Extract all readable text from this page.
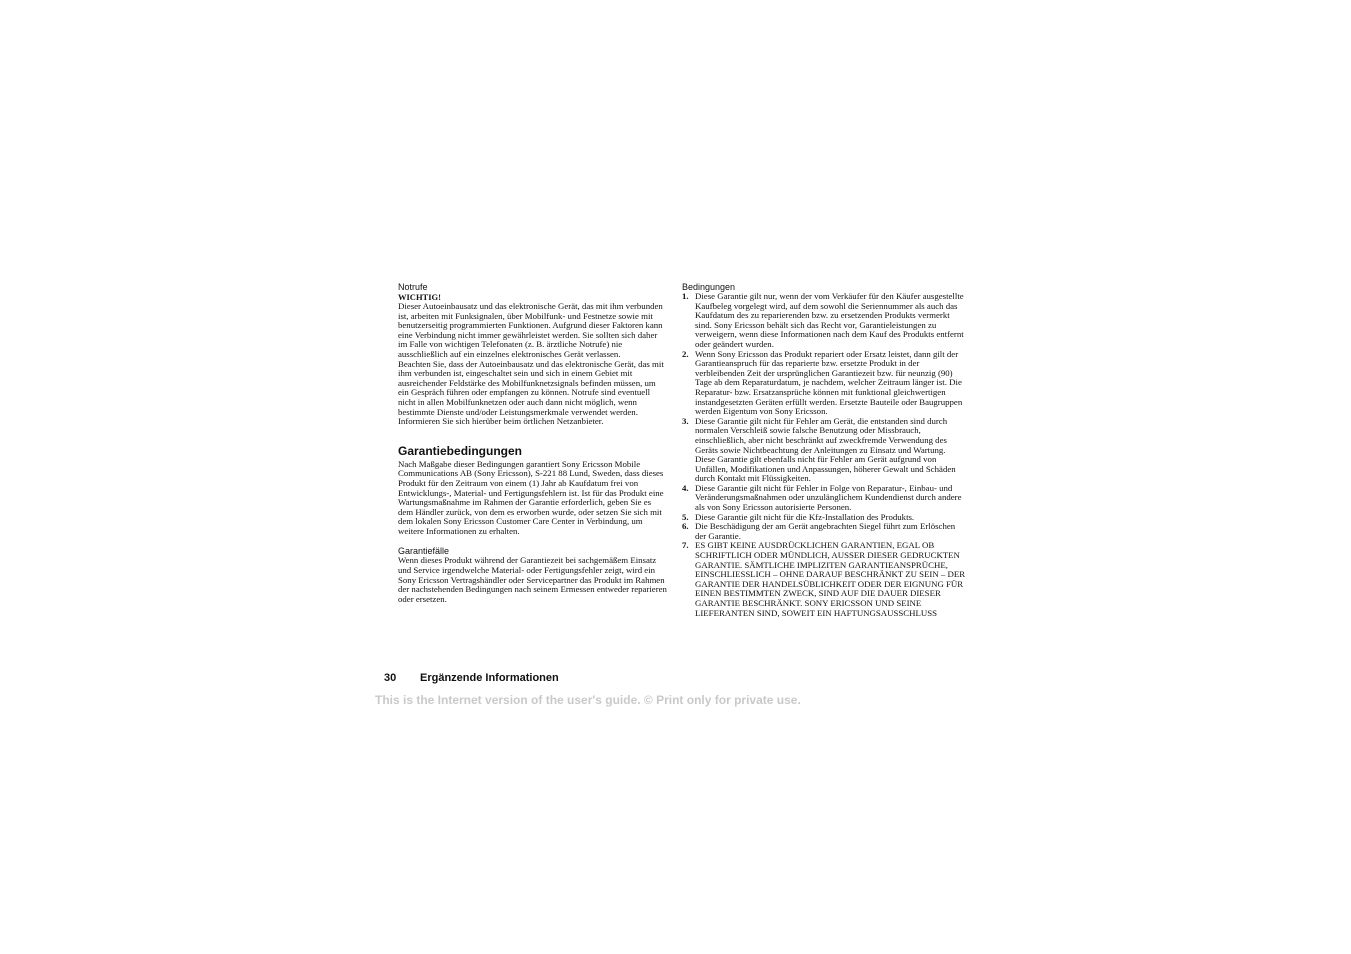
Notrufe

WICHTIG!

Dieser Autoeinbausatz und das elektronische Gerät, das mit ihm verbunden ist, arbeiten mit Funksignalen, über Mobilfunk- und Festnetze sowie mit benutzerseitig programmierten Funktionen. Aufgrund dieser Faktoren kann eine Verbindung nicht immer gewährleistet werden. Sie sollten sich daher im Falle von wichtigen Telefonaten (z. B. ärztliche Notrufe) nie ausschließlich auf ein einzelnes elektronisches Gerät verlassen.

Beachten Sie, dass der Autoeinbausatz und das elektronische Gerät, das mit ihm verbunden ist, eingeschaltet sein und sich in einem Gebiet mit ausreichender Feldstärke des Mobilfunknetzsignals befinden müssen, um ein Gespräch führen oder empfangen zu können. Notrufe sind eventuell nicht in allen Mobilfunknetzen oder auch dann nicht möglich, wenn bestimmte Dienste und/oder Leistungsmerkmale verwendet werden. Informieren Sie sich hierüber beim örtlichen Netzanbieter.

Garantiebedingungen

Nach Maßgabe dieser Bedingungen garantiert Sony Ericsson Mobile Communications AB (Sony Ericsson), S-221 88 Lund, Sweden, dass dieses Produkt für den Zeitraum von einem (1) Jahr ab Kaufdatum frei von Entwicklungs-, Material- und Fertigungsfehlern ist. Ist für das Produkt eine Wartungsmaßnahme im Rahmen der Garantie erforderlich, geben Sie es dem Händler zurück, von dem es erworben wurde, oder setzen Sie sich mit dem lokalen Sony Ericsson Customer Care Center in Verbindung, um weitere Informationen zu erhalten.

Garantiefälle

Wenn dieses Produkt während der Garantiezeit bei sachgemäßem Einsatz und Service irgendwelche Material- oder Fertigungsfehler zeigt, wird ein Sony Ericsson Vertragshändler oder Servicepartner das Produkt im Rahmen der nachstehenden Bedingungen nach seinem Ermessen entweder reparieren oder ersetzen.

Bedingungen

1. Diese Garantie gilt nur, wenn der vom Verkäufer für den Käufer ausgestellte Kaufbeleg vorgelegt wird, auf dem sowohl die Seriennummer als auch das Kaufdatum des zu reparierenden bzw. zu ersetzenden Produkts vermerkt sind. Sony Ericsson behält sich das Recht vor, Garantieleistungen zu verweigern, wenn diese Informationen nach dem Kauf des Produkts entfernt oder geändert wurden.
2. Wenn Sony Ericsson das Produkt repariert oder Ersatz leistet, dann gilt der Garantieanspruch für das reparierte bzw. ersetzte Produkt in der verbleibenden Zeit der ursprünglichen Garantiezeit bzw. für neunzig (90) Tage ab dem Reparaturdatum, je nachdem, welcher Zeitraum länger ist. Die Reparatur- bzw. Ersatzansprüche können mit funktional gleichwertigen instandgesetzten Geräten erfüllt werden. Ersetzte Bauteile oder Baugruppen werden Eigentum von Sony Ericsson.
3. Diese Garantie gilt nicht für Fehler am Gerät, die entstanden sind durch normalen Verschleiß sowie falsche Benutzung oder Missbrauch, einschließlich, aber nicht beschränkt auf zweckfremde Verwendung des Geräts sowie Nichtbeachtung der Anleitungen zu Einsatz und Wartung. Diese Garantie gilt ebenfalls nicht für Fehler am Gerät aufgrund von Unfällen, Modifikationen und Anpassungen, höherer Gewalt und Schäden durch Kontakt mit Flüssigkeiten.
4. Diese Garantie gilt nicht für Fehler in Folge von Reparatur-, Einbau- und Veränderungsmaßnahmen oder unzulänglichem Kundendienst durch andere als von Sony Ericsson autorisierte Personen.
5. Diese Garantie gilt nicht für die Kfz-Installation des Produkts.
6. Die Beschädigung der am Gerät angebrachten Siegel führt zum Erlöschen der Garantie.
7. ES GIBT KEINE AUSDRÜCKLICHEN GARANTIEN, EGAL OB SCHRIFTLICH ODER MÜNDLICH, AUSSER DIESER GEDRUCKTEN GARANTIE. SÄMTLICHE IMPLIZITEN GARANTIEANSPRÜCHE, EINSCHLIESSLICH – OHNE DARAUF BESCHRÄNKT ZU SEIN – DER GARANTIE DER HANDELSÜBLICHKEIT ODER DER EIGNUNG FÜR EINEN BESTIMMTEN ZWECK, SIND AUF DIE DAUER DIESER GARANTIE BESCHRÄNKT. SONY ERICSSON UND SEINE LIEFERANTEN SIND, SOWEIT EIN HAFTUNGSAUSSCHLUSS
30 Ergänzende Informationen
This is the Internet version of the user's guide. © Print only for private use.
